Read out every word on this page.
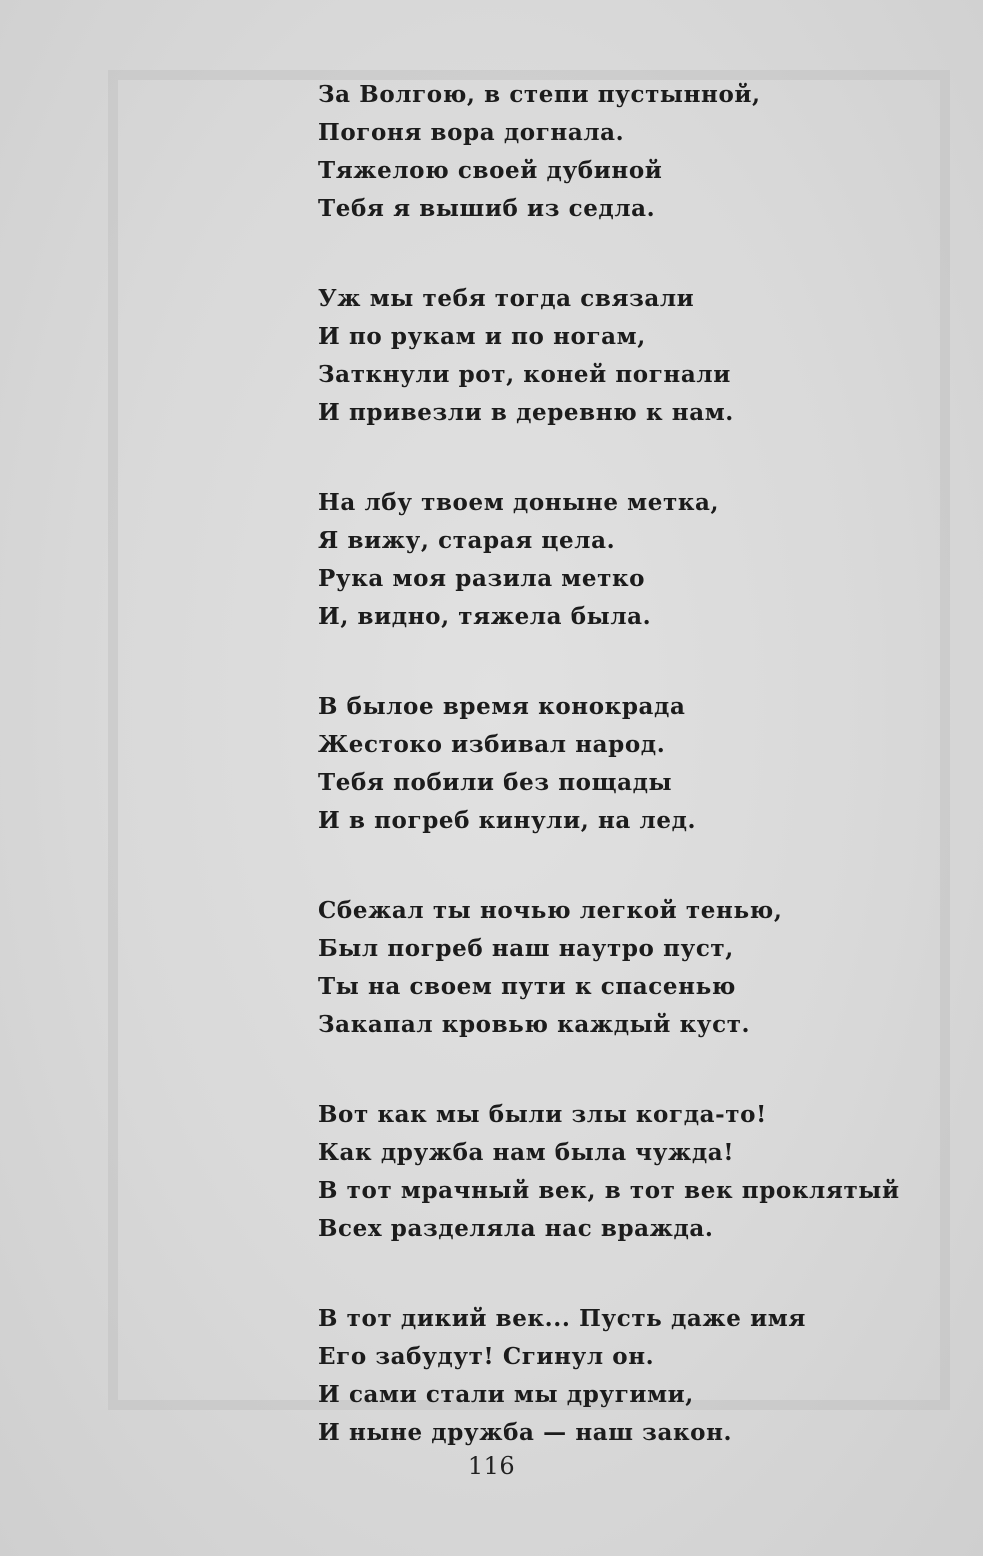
За Волгою, в степи пустынной,
Погоня вора догнала.
Тяжелою своей дубиной
Тебя я вышиб из седла.
Уж мы тебя тогда связали
И по рукам и по ногам,
Заткнули рот, коней погнали
И привезли в деревню к нам.
На лбу твоем доныне метка,
Я вижу, старая цела.
Рука моя разила метко
И, видно, тяжела была.
В былое время конокрада
Жестоко избивал народ.
Тебя побили без пощады
И в погреб кинули, на лед.
Сбежал ты ночью легкой тенью,
Был погреб наш наутро пуст,
Ты на своем пути к спасенью
Закапал кровью каждый куст.
Вот как мы были злы когда-то!
Как дружба нам была чужда!
В тот мрачный век, в тот век проклятый
Всех разделяла нас вражда.
В тот дикий век... Пусть даже имя
Его забудут! Сгинул он.
И сами стали мы другими,
И ныне дружба — наш закон.
116
